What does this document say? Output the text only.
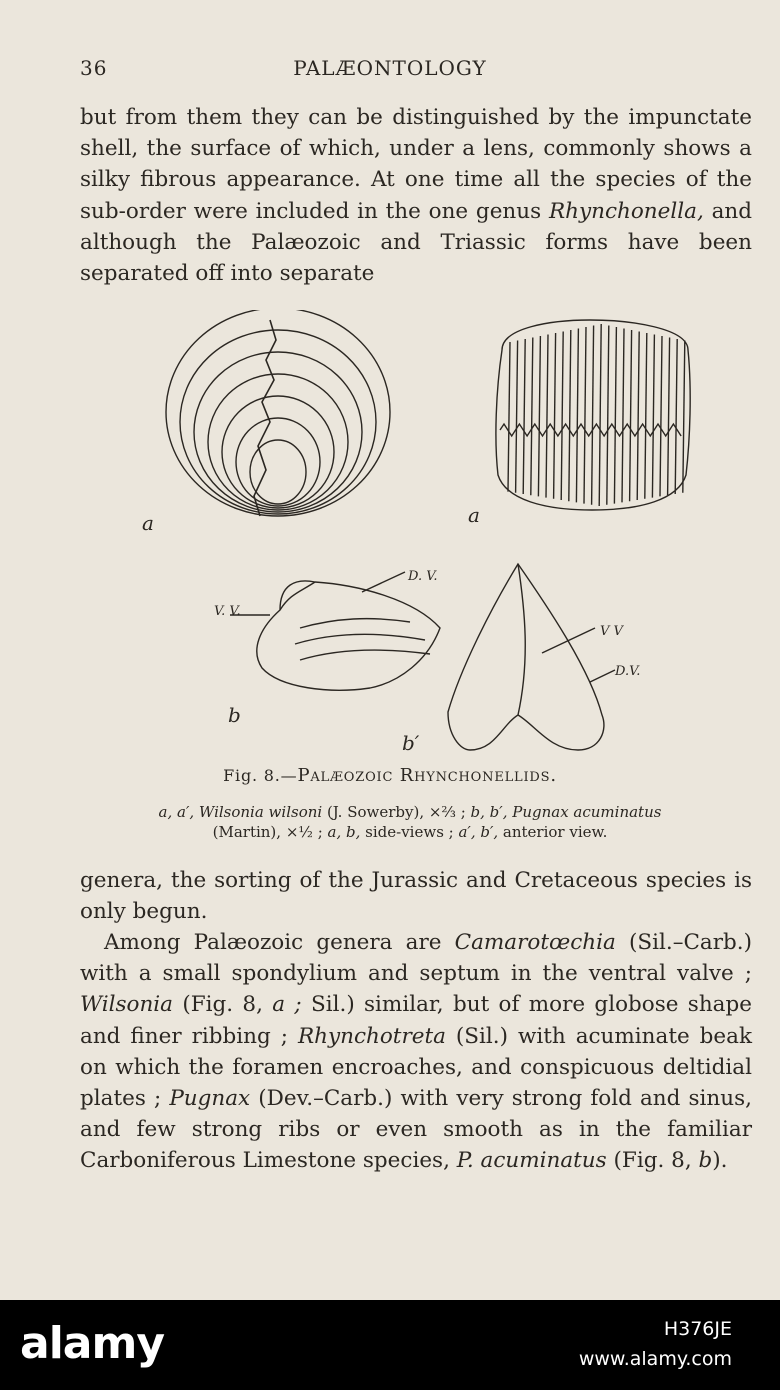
36	PALÆONTOLOGY

but from them they can be distinguished by the impunctate shell, the surface of which, under a lens, commonly shows a silky fibrous appearance. At one time all the species of the sub-order were included in the one genus Rhynchonella, and although the Palæozoic and Triassic forms have been separated off into separate

a	a
b
b′
V. V.
D. V.
V V
D.V.
Fig. 8.—Palæozoic Rhynchonellids.
a, a′, Wilsonia wilsoni (J. Sowerby), ×⅔ ; b, b′, Pugnax acuminatus
(Martin), ×½ ; a, b, side-views ; a′, b′, anterior view.

genera, the sorting of the Jurassic and Cretaceous species is only begun.

Among Palæozoic genera are Camarotœchia (Sil.–Carb.) with a small spondylium and septum in the ventral valve ; Wilsonia (Fig. 8, a ; Sil.) similar, but of more globose shape and finer ribbing ; Rhynchotreta (Sil.) with acuminate beak on which the foramen encroaches, and conspicuous deltidial plates ; Pugnax (Dev.–Carb.) with very strong fold and sinus, and few strong ribs or even smooth as in the familiar Carboniferous Limestone species, P. acuminatus (Fig. 8, b).

alamy	H376JE
www.alamy.com
